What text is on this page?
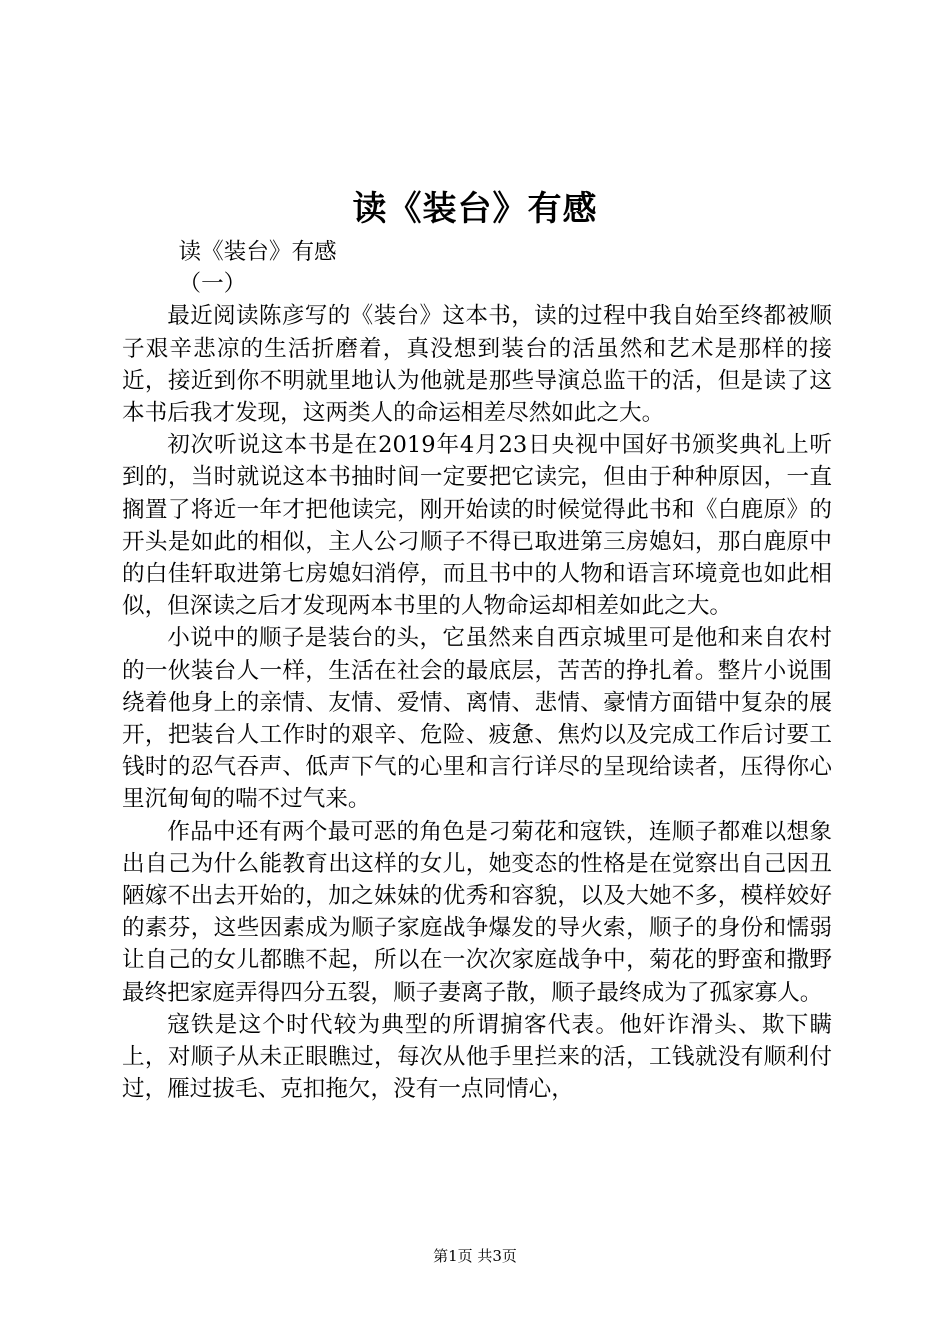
读《装台》有感

读《装台》有感

（一）

最近阅读陈彦写的《装台》这本书，读的过程中我自始至终都被顺子艰辛悲凉的生活折磨着，真没想到装台的活虽然和艺术是那样的接近，接近到你不明就里地认为他就是那些导演总监干的活，但是读了这本书后我才发现，这两类人的命运相差尽然如此之大。

初次听说这本书是在2019年4月23日央视中国好书颁奖典礼上听到的，当时就说这本书抽时间一定要把它读完，但由于种种原因，一直搁置了将近一年才把他读完，刚开始读的时候觉得此书和《白鹿原》的开头是如此的相似，主人公刁顺子不得已取进第三房媳妇，那白鹿原中的白佳轩取进第七房媳妇消停，而且书中的人物和语言环境竟也如此相似，但深读之后才发现两本书里的人物命运却相差如此之大。

小说中的顺子是装台的头，它虽然来自西京城里可是他和来自农村的一伙装台人一样，生活在社会的最底层，苦苦的挣扎着。整片小说围绕着他身上的亲情、友情、爱情、离情、悲情、豪情方面错中复杂的展开，把装台人工作时的艰辛、危险、疲惫、焦灼以及完成工作后讨要工钱时的忍气吞声、低声下气的心里和言行详尽的呈现给读者，压得你心里沉甸甸的喘不过气来。

作品中还有两个最可恶的角色是刁菊花和寇铁，连顺子都难以想象出自己为什么能教育出这样的女儿，她变态的性格是在觉察出自己因丑陋嫁不出去开始的，加之妹妹的优秀和容貌，以及大她不多，模样姣好的素芬，这些因素成为顺子家庭战争爆发的导火索，顺子的身份和懦弱让自己的女儿都瞧不起，所以在一次次家庭战争中，菊花的野蛮和撒野最终把家庭弄得四分五裂，顺子妻离子散，顺子最终成为了孤家寡人。

寇铁是这个时代较为典型的所谓掮客代表。他奸诈滑头、欺下瞒上，对顺子从未正眼瞧过，每次从他手里拦来的活，工钱就没有顺利付过，雁过拔毛、克扣拖欠，没有一点同情心，

第1页 共3页
